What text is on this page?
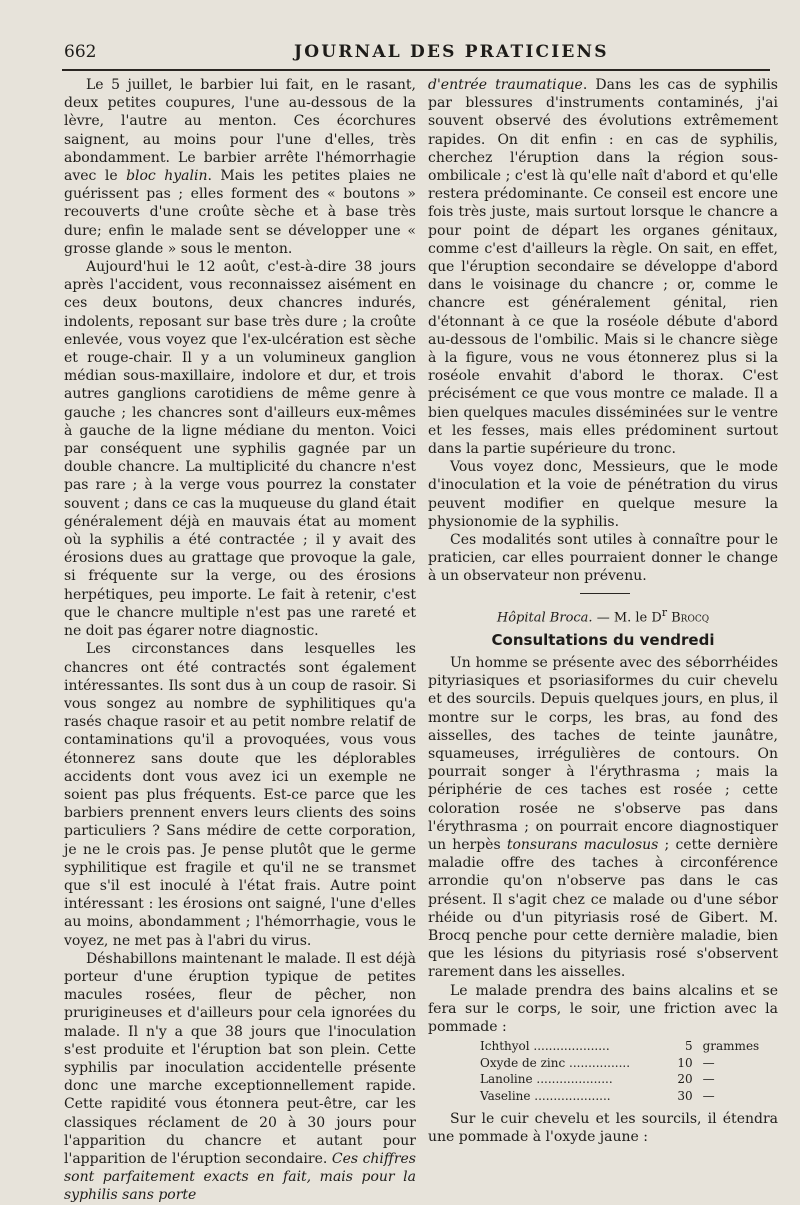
662	JOURNAL DES PRATICIENS

Le 5 juillet, le barbier lui fait, en le rasant, deux petites coupures, l'une au-dessous de la lèvre, l'autre au menton. Ces écorchures saignent, au moins pour l'une d'elles, très abondamment. Le barbier arrête l'hémorrhagie avec le bloc hyalin. Mais les petites plaies ne guérissent pas ; elles forment des « boutons » recouverts d'une croûte sèche et à base très dure; enfin le malade sent se développer une « grosse glande » sous le menton.

Aujourd'hui le 12 août, c'est-à-dire 38 jours après l'accident, vous reconnaissez aisément en ces deux boutons, deux chancres indurés, indolents, reposant sur base très dure ; la croûte enlevée, vous voyez que l'ex-ulcération est sèche et rouge-chair. Il y a un volumineux ganglion médian sous-maxillaire, indolore et dur, et trois autres ganglions carotidiens de même genre à gauche ; les chancres sont d'ailleurs eux-mêmes à gauche de la ligne médiane du menton. Voici par conséquent une syphilis gagnée par un double chancre. La multiplicité du chancre n'est pas rare ; à la verge vous pourrez la constater souvent ; dans ce cas la muqueuse du gland était généralement déjà en mauvais état au moment où la syphilis a été contractée ; il y avait des érosions dues au grattage que provoque la gale, si fréquente sur la verge, ou des érosions herpétiques, peu importe. Le fait à retenir, c'est que le chancre multiple n'est pas une rareté et ne doit pas égarer notre diagnostic.

Les circonstances dans lesquelles les chancres ont été contractés sont également intéressantes. Ils sont dus à un coup de rasoir. Si vous songez au nombre de syphilitiques qu'a rasés chaque rasoir et au petit nombre relatif de contaminations qu'il a provoquées, vous vous étonnerez sans doute que les déplorables accidents dont vous avez ici un exemple ne soient pas plus fréquents. Est-ce parce que les barbiers prennent envers leurs clients des soins particuliers ? Sans médire de cette corporation, je ne le crois pas. Je pense plutôt que le germe syphilitique est fragile et qu'il ne se transmet que s'il est inoculé à l'état frais. Autre point intéressant : les érosions ont saigné, l'une d'elles au moins, abondamment ; l'hémorrhagie, vous le voyez, ne met pas à l'abri du virus.

Déshabillons maintenant le malade. Il est déjà porteur d'une éruption typique de petites macules rosées, fleur de pêcher, non prurigineuses et d'ailleurs pour cela ignorées du malade. Il n'y a que 38 jours que l'inoculation s'est produite et l'éruption bat son plein. Cette syphilis par inoculation accidentelle présente donc une marche exceptionnellement rapide. Cette rapidité vous étonnera peut-être, car les classiques réclament de 20 à 30 jours pour l'apparition du chancre et autant pour l'apparition de l'éruption secondaire. Ces chiffres sont parfaitement exacts en fait, mais pour la syphilis sans porte

d'entrée traumatique. Dans les cas de syphilis par blessures d'instruments contaminés, j'ai souvent observé des évolutions extrêmement rapides. On dit enfin : en cas de syphilis, cherchez l'éruption dans la région sous-ombilicale ; c'est là qu'elle naît d'abord et qu'elle restera prédominante. Ce conseil est encore une fois très juste, mais surtout lorsque le chancre a pour point de départ les organes génitaux, comme c'est d'ailleurs la règle. On sait, en effet, que l'éruption secondaire se développe d'abord dans le voisinage du chancre ; or, comme le chancre est généralement génital, rien d'étonnant à ce que la roséole débute d'abord au-dessous de l'ombilic. Mais si le chancre siège à la figure, vous ne vous étonnerez plus si la roséole envahit d'abord le thorax. C'est précisément ce que vous montre ce malade. Il a bien quelques macules disséminées sur le ventre et les fesses, mais elles prédominent surtout dans la partie supérieure du tronc.

Vous voyez donc, Messieurs, que le mode d'inoculation et la voie de pénétration du virus peuvent modifier en quelque mesure la physionomie de la syphilis.

Ces modalités sont utiles à connaître pour le praticien, car elles pourraient donner le change à un observateur non prévenu.

Hôpital Broca. — M. le $D^r$ Brocq
Consultations du vendredi

Un homme se présente avec des séborrhéides pityriasiques et psoriasiformes du cuir chevelu et des sourcils. Depuis quelques jours, en plus, il montre sur le corps, les bras, au fond des aisselles, des taches de teinte jaunâtre, squameuses, irrégulières de contours. On pourrait songer à l'érythrasma ; mais la périphérie de ces taches est rosée ; cette coloration rosée ne s'observe pas dans l'érythrasma ; on pourrait encore diagnostiquer un herpès tonsurans maculosus ; cette dernière maladie offre des taches à circonférence arrondie qu'on n'observe pas dans le cas présent. Il s'agit chez ce malade ou d'une sébor rhéide ou d'un pityriasis rosé de Gibert. M. Brocq penche pour cette dernière maladie, bien que les lésions du pityriasis rosé s'observent rarement dans les aisselles.

Le malade prendra des bains alcalins et se fera sur le corps, le soir, une friction avec la pommade :

Ichthyol ....................	5 grammes
Oxyde de zinc ................	10 —
Lanoline ....................	20 —
Vaseline ....................	30 —

Sur le cuir chevelu et les sourcils, il étendra une pommade à l'oxyde jaune :
